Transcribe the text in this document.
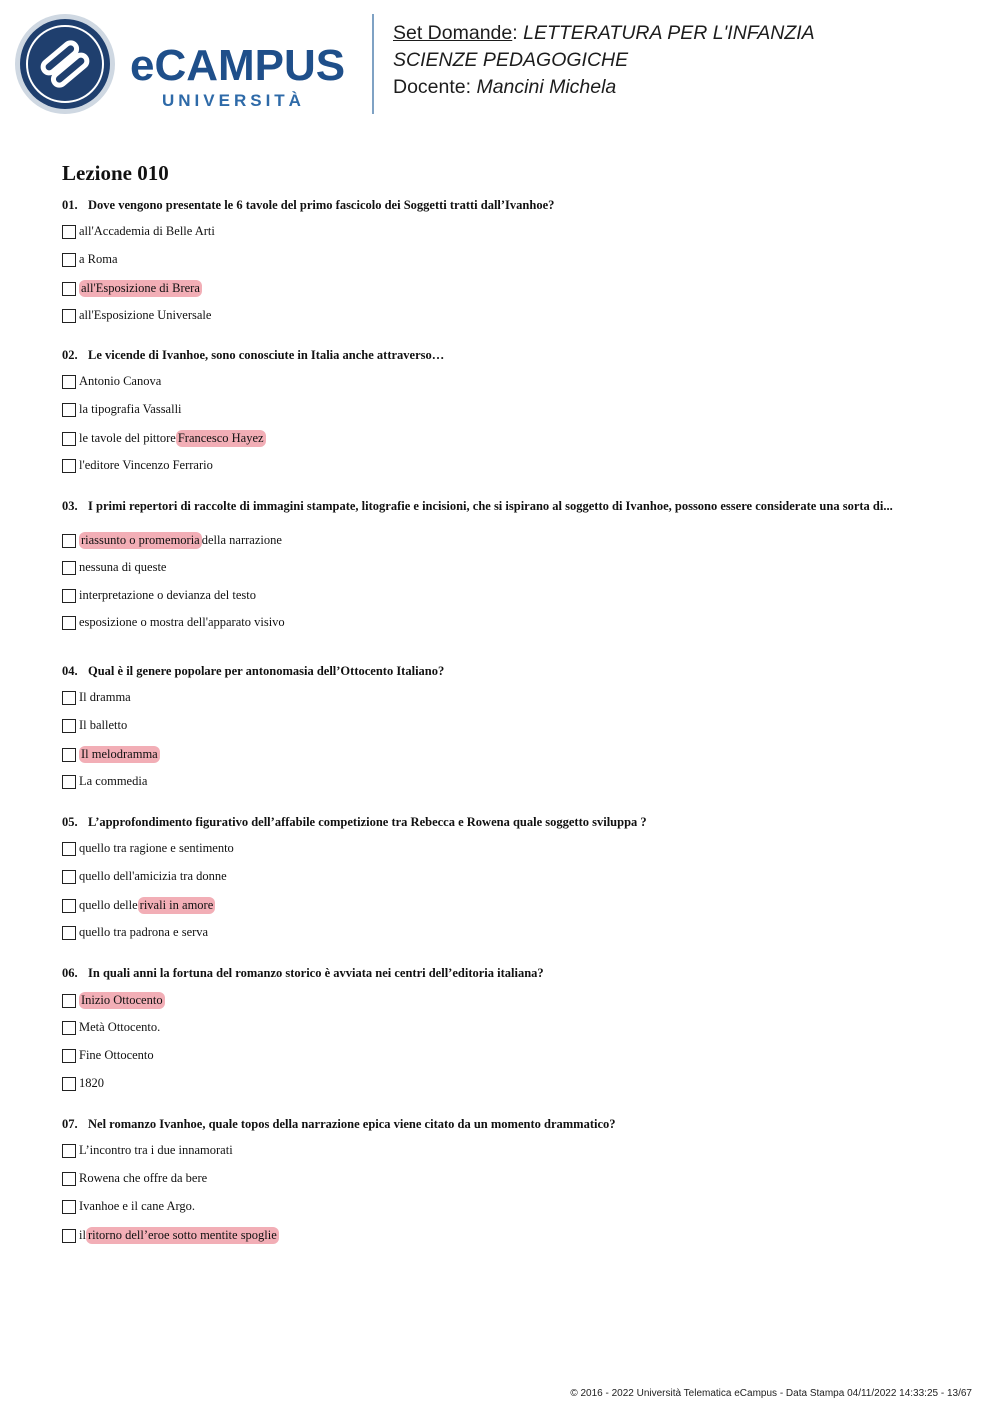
eCAMPUS
UNIVERSITÀ
Set Domande: LETTERATURA PER L'INFANZIA
SCIENZE PEDAGOGICHE
Docente: Mancini Michela
Lezione 010
01. Dove vengono presentate le 6 tavole del primo fascicolo dei Soggetti tratti dall’Ivanhoe?
all'Accademia di Belle Arti
a Roma
all'Esposizione di Brera
all'Esposizione Universale
02. Le vicende di Ivanhoe, sono conosciute in Italia anche attraverso…
Antonio Canova
la tipografia Vassalli
le tavole del pittore Francesco Hayez
l'editore Vincenzo Ferrario
03. I primi repertori di raccolte di immagini stampate, litografie e incisioni, che si ispirano al soggetto di Ivanhoe, possono essere considerate una sorta di...
riassunto o promemoria della narrazione
nessuna di queste
interpretazione o devianza del testo
esposizione o mostra dell'apparato visivo
04. Qual è il genere popolare per antonomasia dell’Ottocento Italiano?
Il dramma
Il balletto
Il melodramma
La commedia
05. L’approfondimento figurativo dell’affabile competizione tra Rebecca e Rowena quale soggetto sviluppa ?
quello tra ragione e sentimento
quello dell'amicizia tra donne
quello delle rivali in amore
quello tra padrona e serva
06. In quali anni la fortuna del romanzo storico è avviata nei centri dell’editoria italiana?
Inizio Ottocento
Metà Ottocento.
Fine Ottocento
1820
07. Nel romanzo Ivanhoe, quale topos della narrazione epica viene citato da un momento drammatico?
L’incontro tra i due innamorati
Rowena che offre da bere
Ivanhoe e il cane Argo.
il ritorno dell’eroe sotto mentite spoglie
© 2016 - 2022 Università Telematica eCampus - Data Stampa 04/11/2022 14:33:25 - 13/67
